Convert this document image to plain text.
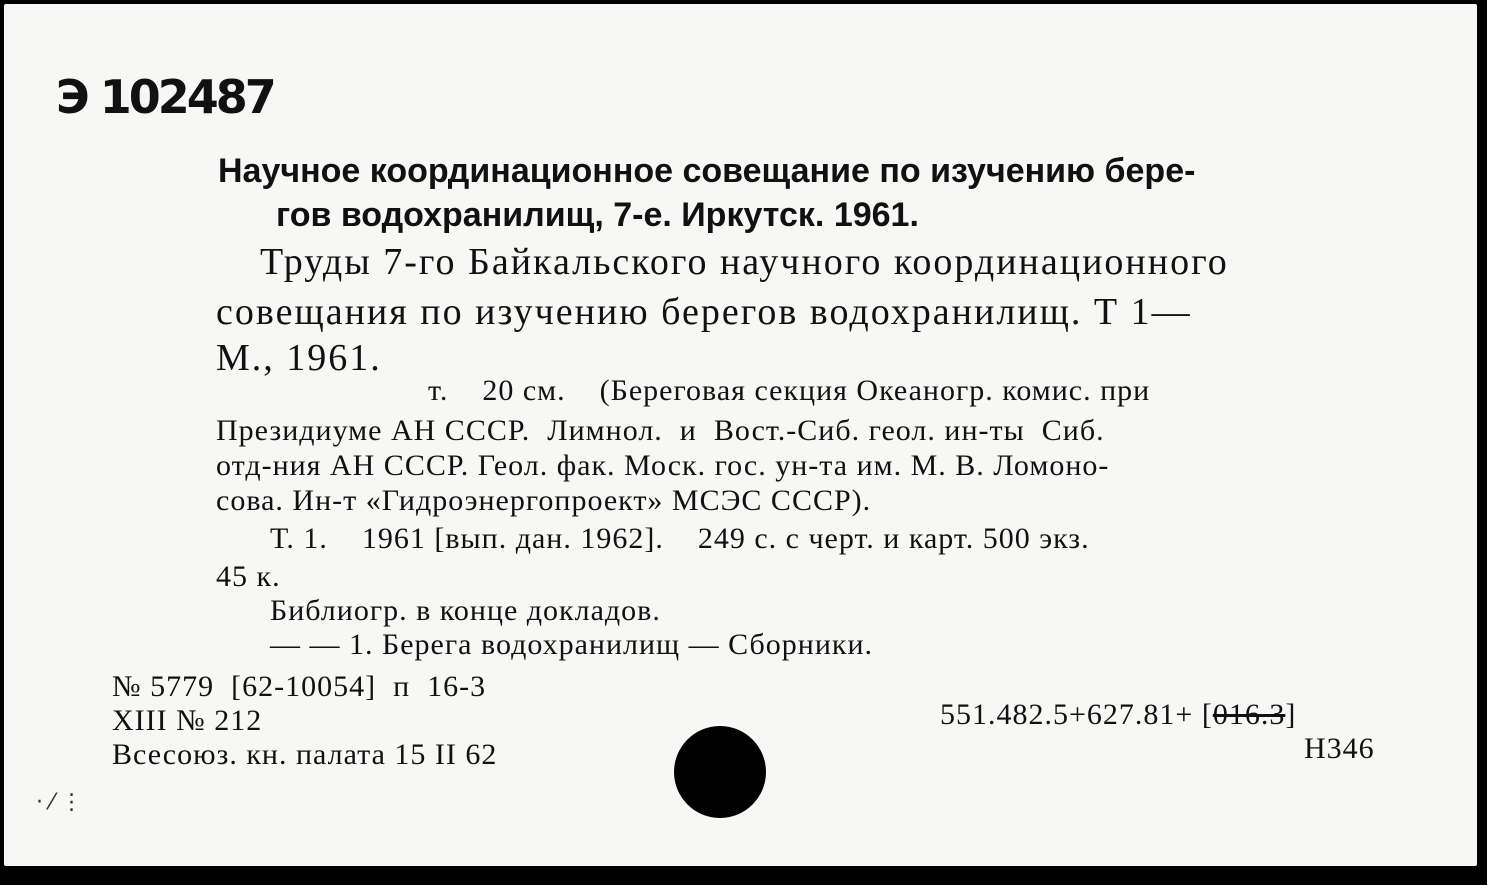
Э 102487
Научное координационное совещание по изучению бере-
гов водохранилищ, 7-е. Иркутск. 1961.
Труды 7-го Байкальского научного координационного
совещания по изучению берегов водохранилищ. Т 1—
М., 1961.
т.    20 см.    (Береговая секция Океаногр. комис. при
Президиуме АН СССР.  Лимнол.  и  Вост.-Сиб. геол. ин-ты  Сиб.
отд-ния АН СССР. Геол. фак. Моск. гос. ун-та им. М. В. Ломоно-
сова. Ин-т «Гидроэнергопроект» МСЭС СССР).
Т. 1.    1961 [вып. дан. 1962].    249 с. с черт. и карт. 500 экз.
45 к.
Библиогр. в конце докладов.
— — 1. Берега водохранилищ — Сборники.
№ 5779  [62-10054]  п  16-3
XIII № 212
Всесоюз. кн. палата 15 II 62
551.482.5+627.81+ [016.3]
Н346
· ⁄ ⋮
